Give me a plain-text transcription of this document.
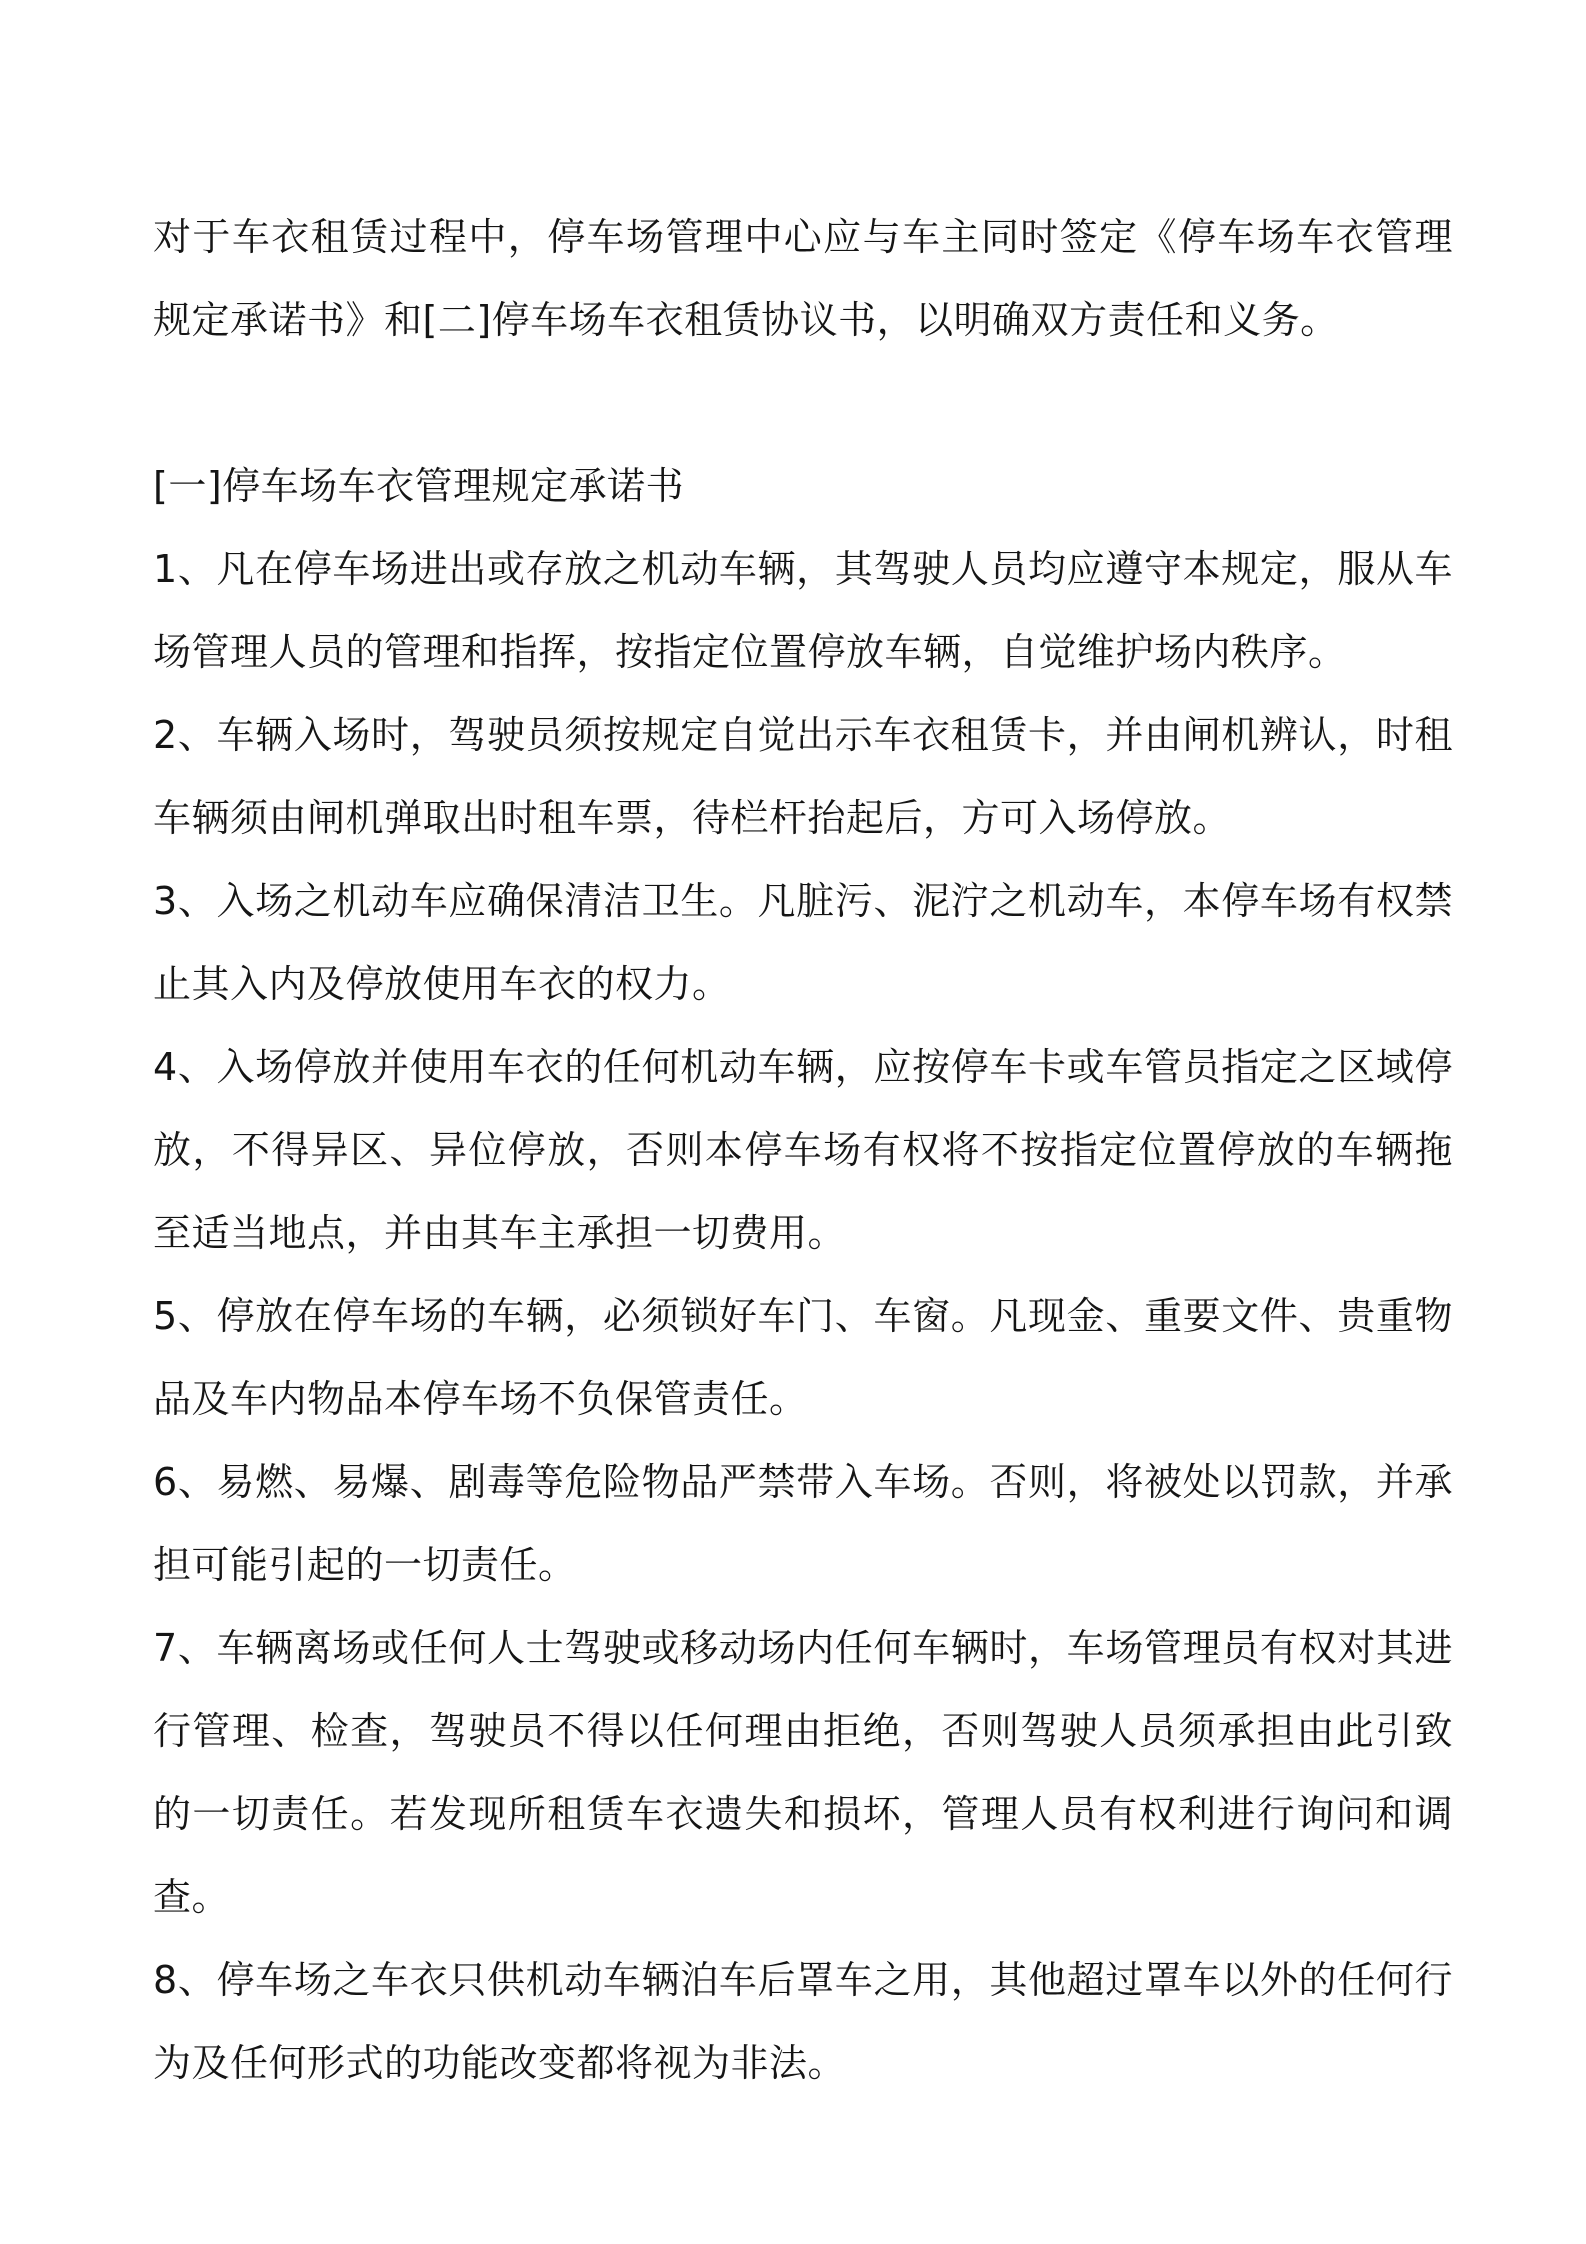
对于车衣租赁过程中，停车场管理中心应与车主同时签定《停车场车衣管理规定承诺书》和[二]停车场车衣租赁协议书，以明确双方责任和义务。

[一]停车场车衣管理规定承诺书

1、凡在停车场进出或存放之机动车辆，其驾驶人员均应遵守本规定，服从车场管理人员的管理和指挥，按指定位置停放车辆，自觉维护场内秩序。

2、车辆入场时，驾驶员须按规定自觉出示车衣租赁卡，并由闸机辨认，时租车辆须由闸机弹取出时租车票，待栏杆抬起后，方可入场停放。

3、入场之机动车应确保清洁卫生。凡脏污、泥泞之机动车，本停车场有权禁止其入内及停放使用车衣的权力。

4、入场停放并使用车衣的任何机动车辆，应按停车卡或车管员指定之区域停放，不得异区、异位停放，否则本停车场有权将不按指定位置停放的车辆拖至适当地点，并由其车主承担一切费用。

5、停放在停车场的车辆，必须锁好车门、车窗。凡现金、重要文件、贵重物品及车内物品本停车场不负保管责任。

6、易燃、易爆、剧毒等危险物品严禁带入车场。否则，将被处以罚款，并承担可能引起的一切责任。

7、车辆离场或任何人士驾驶或移动场内任何车辆时，车场管理员有权对其进行管理、检查，驾驶员不得以任何理由拒绝，否则驾驶人员须承担由此引致的一切责任。若发现所租赁车衣遗失和损坏，管理人员有权利进行询问和调查。

8、停车场之车衣只供机动车辆泊车后罩车之用，其他超过罩车以外的任何行为及任何形式的功能改变都将视为非法。
